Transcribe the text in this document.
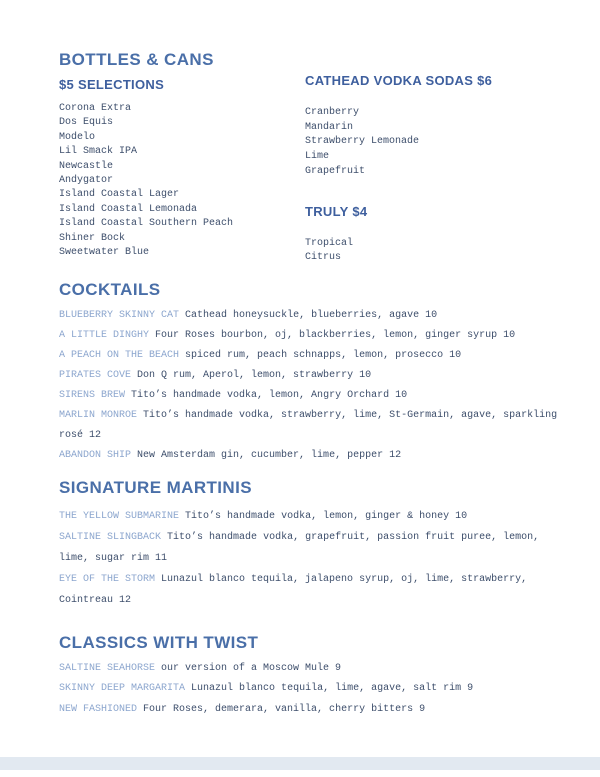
BOTTLES & CANS
$5 SELECTIONS
Corona Extra
Dos Equis
Modelo
Lil Smack IPA
Newcastle
Andygator
Island Coastal Lager
Island Coastal Lemonada
Island Coastal Southern Peach
Shiner Bock
Sweetwater Blue
CATHEAD VODKA SODAS $6
Cranberry
Mandarin
Strawberry Lemonade
Lime
Grapefruit
TRULY $4
Tropical
Citrus
COCKTAILS
BLUEBERRY SKINNY CAT Cathead honeysuckle, blueberries, agave 10
A LITTLE DINGHY Four Roses bourbon, oj, blackberries, lemon, ginger syrup 10
A PEACH ON THE BEACH spiced rum, peach schnapps, lemon, prosecco 10
PIRATES COVE Don Q rum, Aperol, lemon, strawberry 10
SIRENS BREW Tito’s handmade vodka, lemon, Angry Orchard 10
MARLIN MONROE Tito’s handmade vodka, strawberry, lime, St-Germain, agave, sparkling rosé 12
ABANDON SHIP New Amsterdam gin, cucumber, lime, pepper 12
SIGNATURE MARTINIS
THE YELLOW SUBMARINE Tito’s handmade vodka, lemon, ginger & honey 10
SALTINE SLINGBACK Tito’s handmade vodka, grapefruit, passion fruit puree, lemon, lime, sugar rim 11
EYE OF THE STORM Lunazul blanco tequila, jalapeno syrup, oj, lime, strawberry, Cointreau 12
CLASSICS WITH TWIST
SALTINE SEAHORSE our version of a Moscow Mule 9
SKINNY DEEP MARGARITA Lunazul blanco tequila, lime, agave, salt rim 9
NEW FASHIONED Four Roses, demerara, vanilla, cherry bitters 9
